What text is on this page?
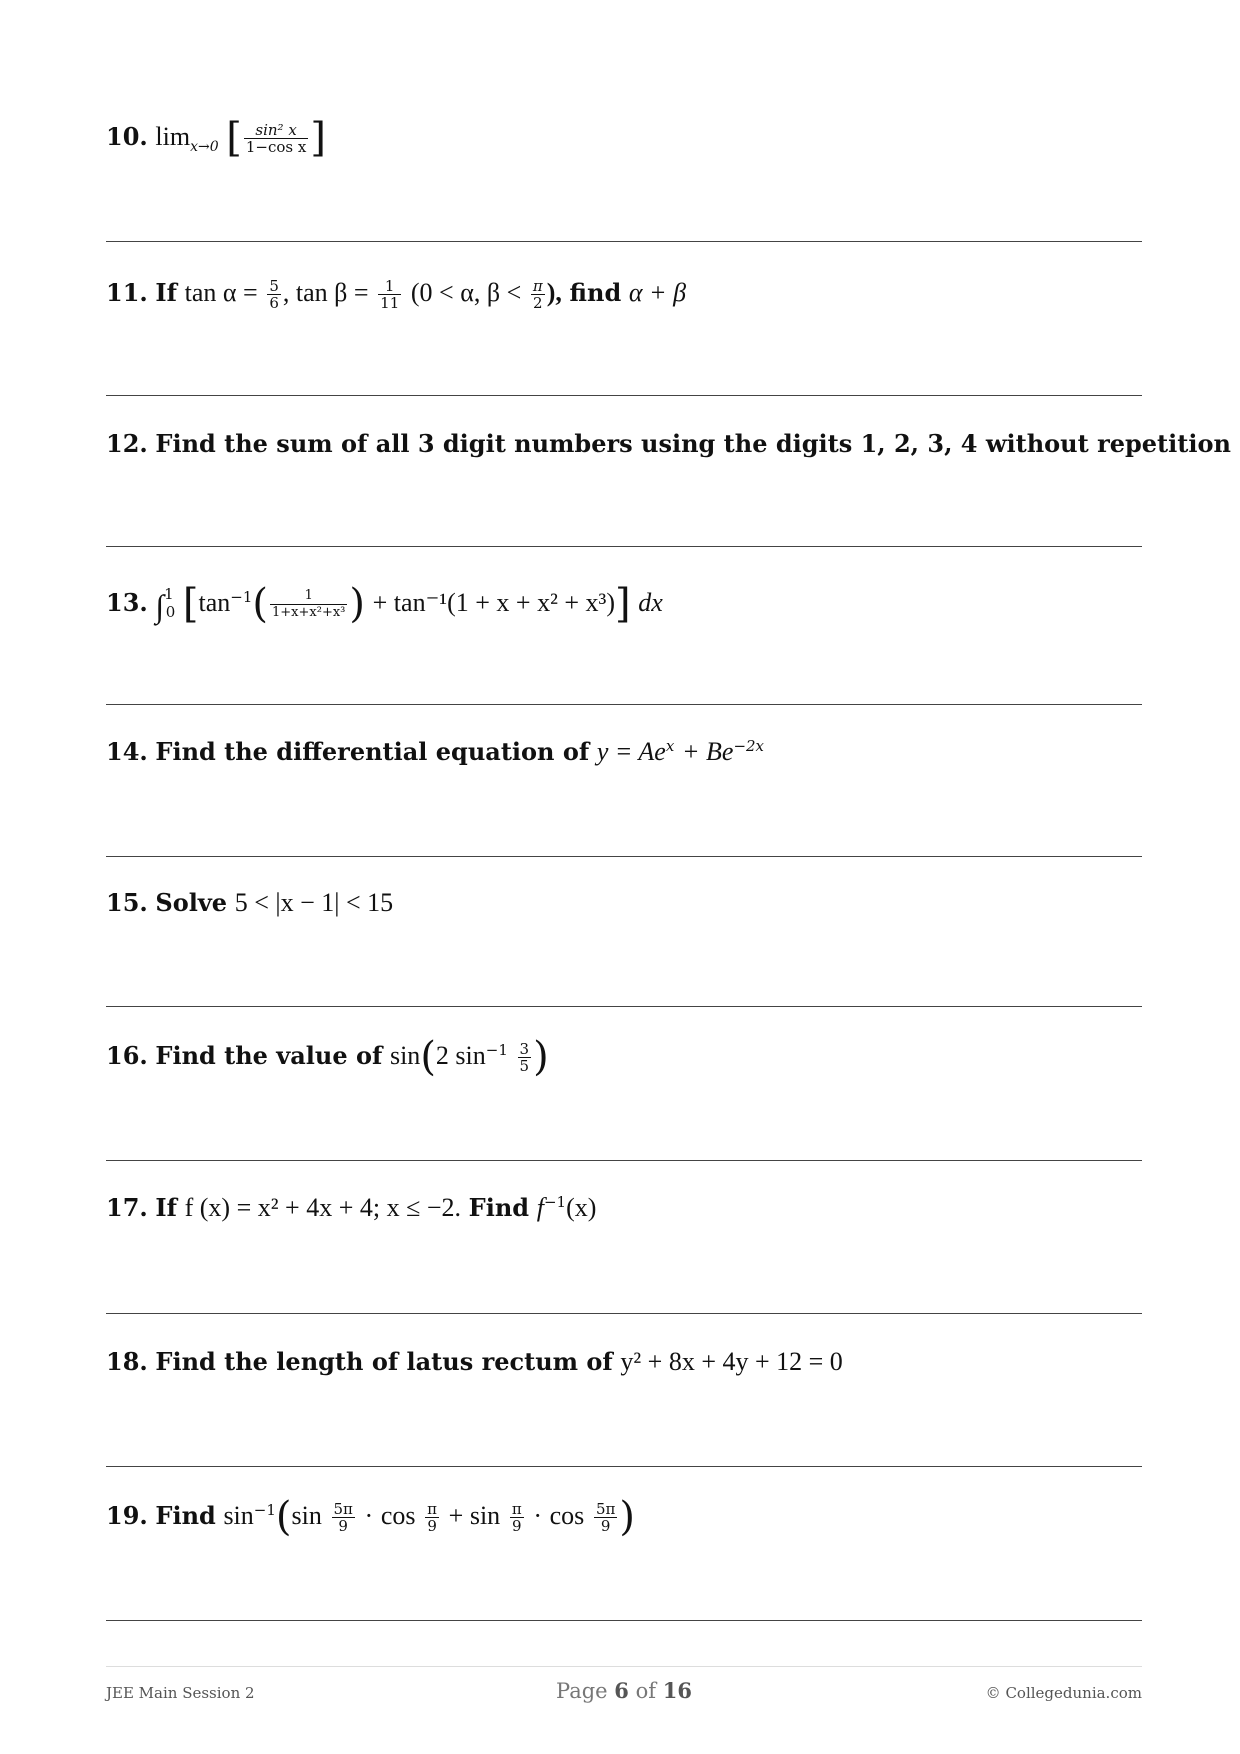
10. $\lim_{x\to 0}$ [ $\frac{\text{sin² x}}{\text{1−cos x}}$ ]
11. If $\tan \alpha = \frac{5}{6}$ , $\tan \beta = \frac{1}{11} (0 < \alpha$, $\beta < \frac{\pi}{2}$ ), find α + β
12. Find the sum of all 3 digit numbers using the digits 1, 2, 3, 4 without repetition
13. ∫$^1_0$ [$\tan^{-1}( \frac{1}{\text{1+x+x²+x³}}$ ) + tan⁻¹(1 + x + x² + x³)] dx
14. Find the differential equation of $y = Ae^x + Be^{-2x}$
15. Solve 5 < |x − 1| < 15
16. Find the value of sin(2 $\sin^{-1} \frac{3}{5}$ )
17. If f (x) = x² + 4x + 4; x ≤ −2. Find $f^{-1}(x)$
18. Find the length of latus rectum of y² + 8x + 4y + 12 = 0
19. Find $\sin^{-1}(\sin \frac{5\pi}{9} \cdot \cos \frac{\pi}{9} + \sin \frac{\pi}{9} \cdot \cos \frac{5\pi}{9}$ )
JEE Main Session 2	Page 6 of 16	© Collegedunia.com
